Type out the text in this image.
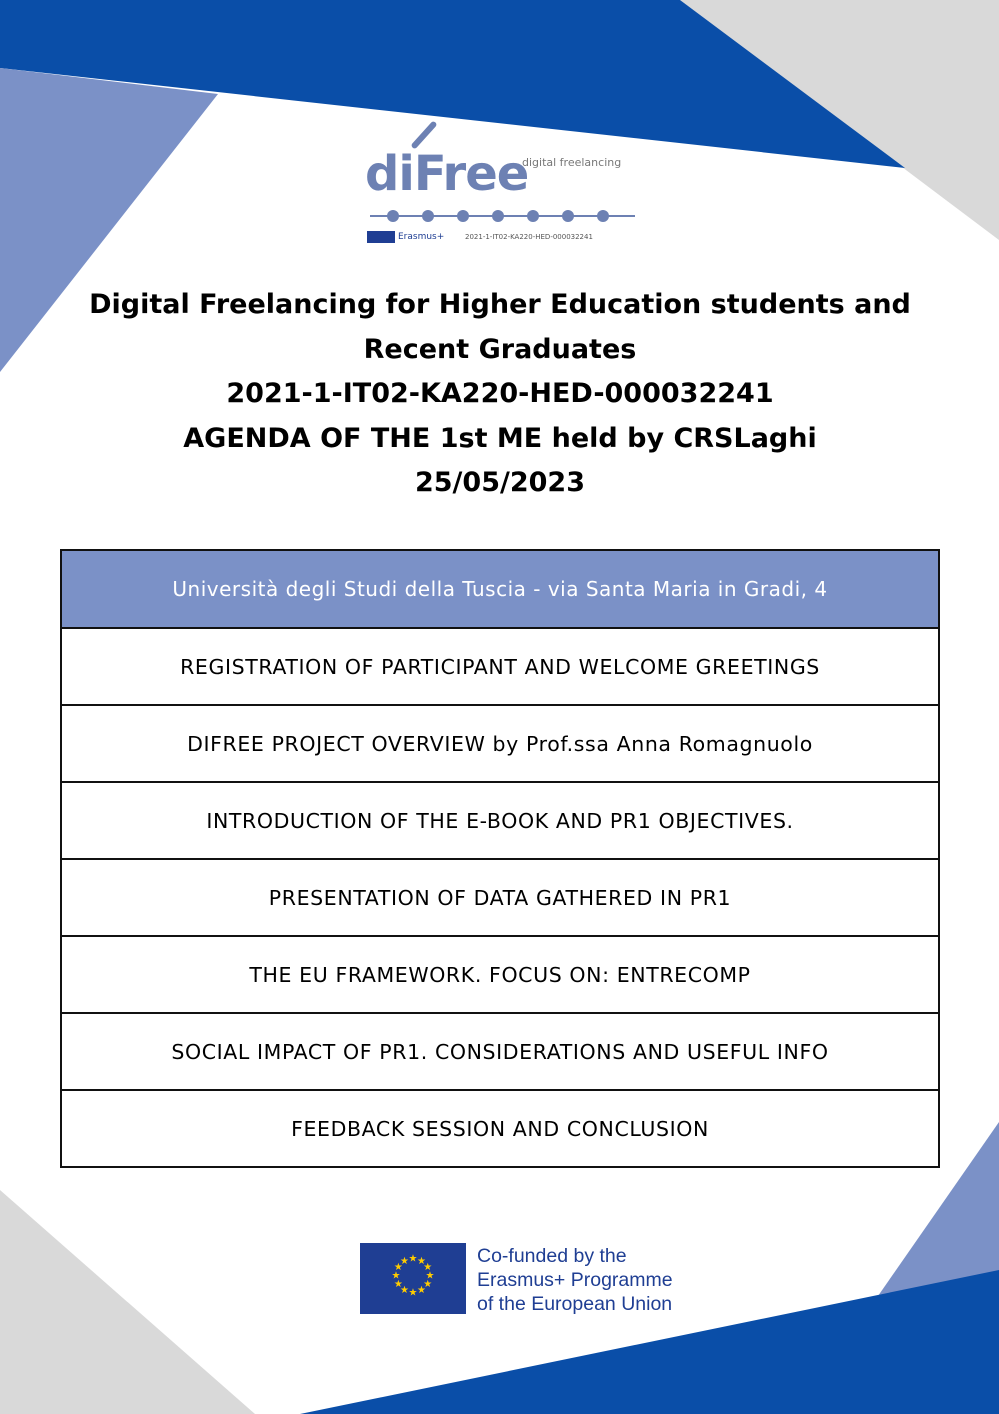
digital freelancing
diFree
Erasmus+	2021-1-IT02-KA220-HED-000032241
Digital Freelancing for Higher Education students and
Recent Graduates
2021-1-IT02-KA220-HED-000032241
AGENDA OF THE 1st ME held by CRSLaghi
25/05/2023
Università degli Studi della Tuscia - via Santa Maria in Gradi, 4
REGISTRATION OF PARTICIPANT AND WELCOME GREETINGS
DIFREE PROJECT OVERVIEW by Prof.ssa Anna Romagnuolo
INTRODUCTION OF THE E-BOOK AND PR1 OBJECTIVES.
PRESENTATION OF DATA GATHERED IN PR1
THE EU FRAMEWORK. FOCUS ON: ENTRECOMP
SOCIAL IMPACT OF PR1. CONSIDERATIONS AND USEFUL INFO
FEEDBACK SESSION AND CONCLUSION
★ ★
★
★
★
★
★
★
★
★
★
★	Co-funded by the
Erasmus+ Programme
of the European Union
